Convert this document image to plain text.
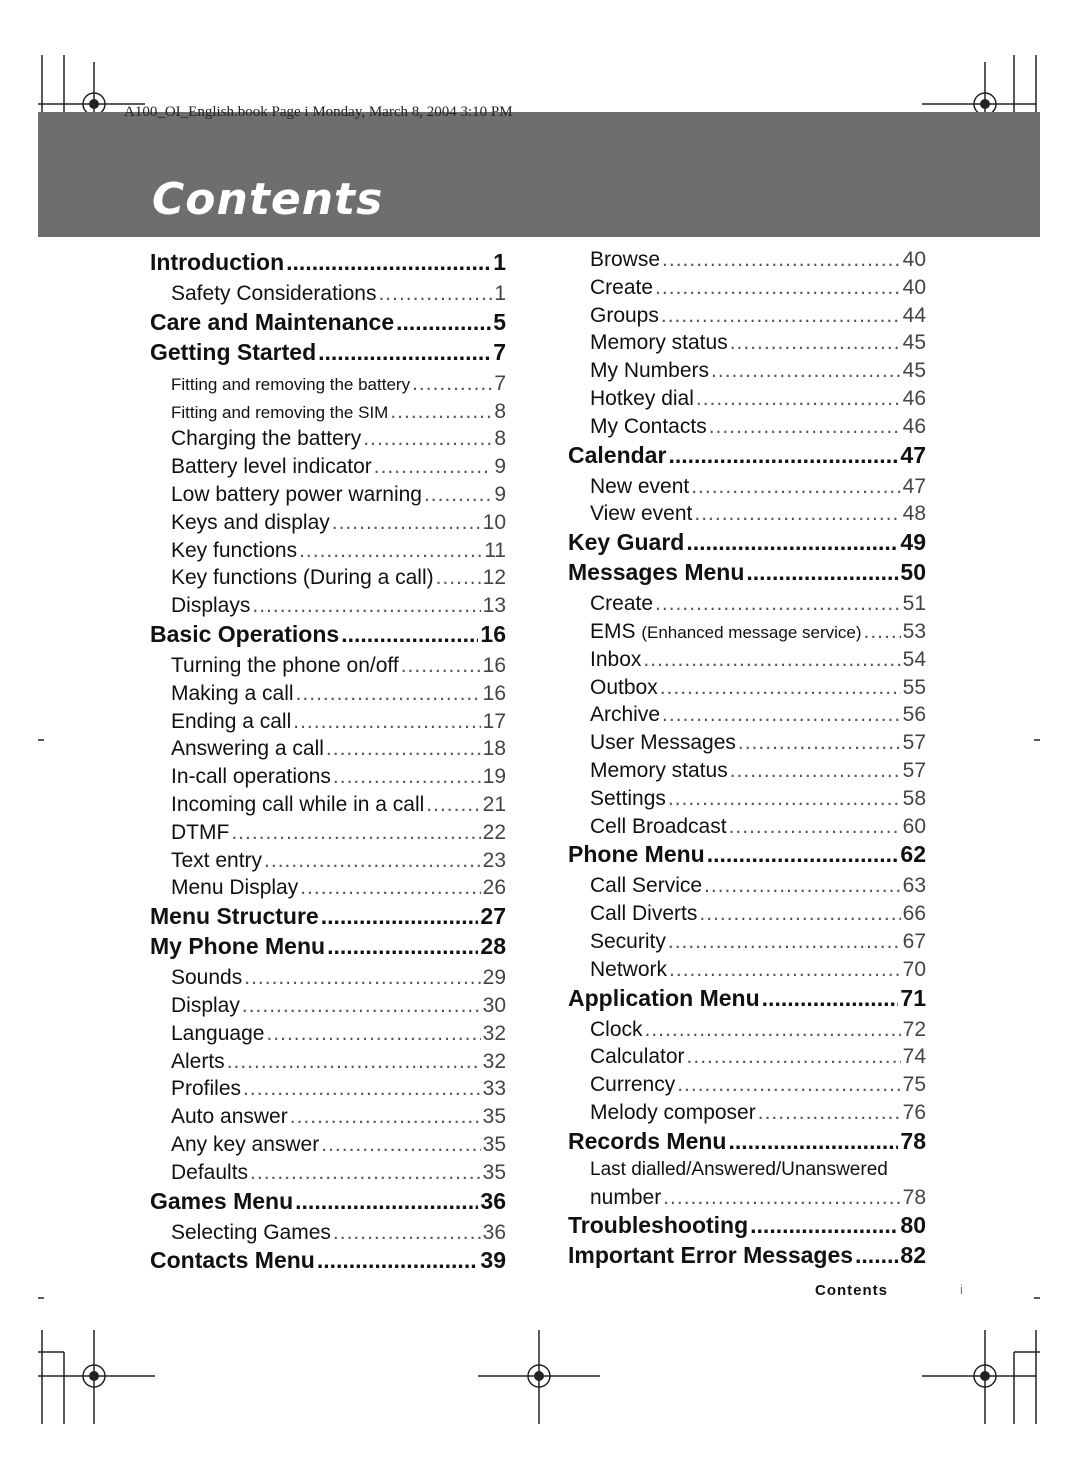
A100_OI_English.book Page i Monday, March 8, 2004 3:10 PM
Contents
Introduction .....	1
Safety Considerations .....	1
Care and Maintenance .....	5
Getting Started .....	7
Fitting and removing the battery .....	7
Fitting and removing the SIM .....	8
Charging the battery .....	8
Battery level indicator .....	9
Low battery power warning .....	9
Keys and display .....	10
Key functions .....	11
Key functions (During a call) ..... 12
Displays .....	13
Basic Operations .....	16
Turning the phone on/off .....	16
Making a call .....	16
Ending a call .....	17
Answering a call .....	18
In-call operations .....	19
Incoming call while in a call .....	21
DTMF .....	22
Text entry .....	23
Menu Display .....	26
Menu Structure .....	27
My Phone Menu .....	28
Sounds .....	29
Display .....	30
Language .....	32
Alerts .....	32
Profiles .....	33
Auto answer .....	35
Any key answer .....	35
Defaults .....	35
Games Menu .....	36
Selecting Games .....	36
Contacts Menu .....	39
Browse .....	40
Create .....	40
Groups .....	44
Memory status .....	45
My Numbers .....	45
Hotkey dial .....	46
My Contacts .....	46
Calendar .....	47
New event .....	47
View event .....	48
Key Guard .....	49
Messages Menu .....	50
Create .....	51
EMS (Enhanced message service) ..... 53
Inbox .....	54
Outbox .....	55
Archive .....	56
User Messages .....	57
Memory status .....	57
Settings .....	58
Cell Broadcast .....	60
Phone Menu .....	62
Call Service .....	63
Call Diverts .....	66
Security .....	67
Network .....	70
Application Menu .....	71
Clock .....	72
Calculator .....	74
Currency .....	75
Melody composer .....	76
Records Menu .....	78
Last dialled/Answered/Unanswered
number .....	78
Troubleshooting .....	80
Important Error Messages ..... 82
Contents	i
